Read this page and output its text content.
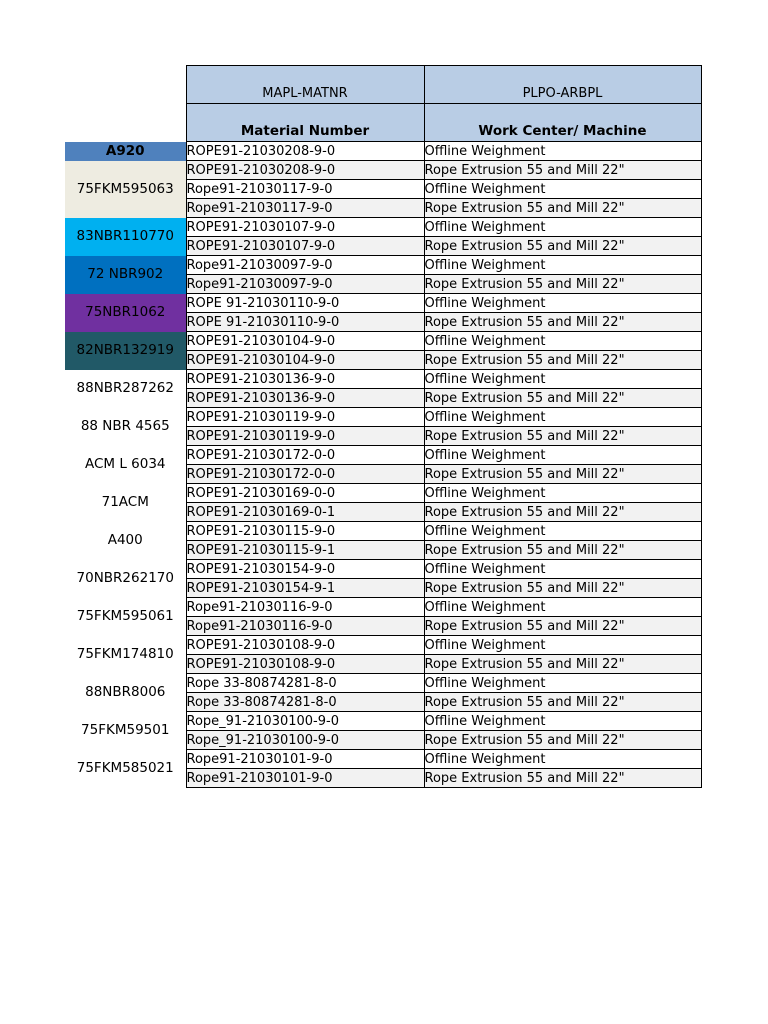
	MAPL-MATNR	PLPO-ARBPL
	Material Number	Work Center/ Machine
A920	ROPE91-21030208-9-0	Offline Weighment
75FKM595063	ROPE91-21030208-9-0	Rope Extrusion 55 and Mill 22"
	Rope91-21030117-9-0	Offline Weighment
	Rope91-21030117-9-0	Rope Extrusion 55 and Mill 22"
83NBR110770	ROPE91-21030107-9-0	Offline Weighment
	ROPE91-21030107-9-0	Rope Extrusion 55 and Mill 22"
72 NBR902	Rope91-21030097-9-0	Offline Weighment
	Rope91-21030097-9-0	Rope Extrusion 55 and Mill 22"
75NBR1062	ROPE 91-21030110-9-0	Offline Weighment
	ROPE 91-21030110-9-0	Rope Extrusion 55 and Mill 22"
82NBR132919	ROPE91-21030104-9-0	Offline Weighment
	ROPE91-21030104-9-0	Rope Extrusion 55 and Mill 22"
88NBR287262	ROPE91-21030136-9-0	Offline Weighment
	ROPE91-21030136-9-0	Rope Extrusion 55 and Mill 22"
88 NBR 4565	ROPE91-21030119-9-0	Offline Weighment
	ROPE91-21030119-9-0	Rope Extrusion 55 and Mill 22"
ACM L 6034	ROPE91-21030172-0-0	Offline Weighment
	ROPE91-21030172-0-0	Rope Extrusion 55 and Mill 22"
71ACM	ROPE91-21030169-0-0	Offline Weighment
	ROPE91-21030169-0-1	Rope Extrusion 55 and Mill 22"
A400	ROPE91-21030115-9-0	Offline Weighment
	ROPE91-21030115-9-1	Rope Extrusion 55 and Mill 22"
70NBR262170	ROPE91-21030154-9-0	Offline Weighment
	ROPE91-21030154-9-1	Rope Extrusion 55 and Mill 22"
75FKM595061	Rope91-21030116-9-0	Offline Weighment
	Rope91-21030116-9-0	Rope Extrusion 55 and Mill 22"
75FKM174810	ROPE91-21030108-9-0	Offline Weighment
	ROPE91-21030108-9-0	Rope Extrusion 55 and Mill 22"
88NBR8006	Rope 33-80874281-8-0	Offline Weighment
	Rope 33-80874281-8-0	Rope Extrusion 55 and Mill 22"
75FKM59501	Rope_91-21030100-9-0	Offline Weighment
	Rope_91-21030100-9-0	Rope Extrusion 55 and Mill 22"
75FKM585021	Rope91-21030101-9-0	Offline Weighment
	Rope91-21030101-9-0	Rope Extrusion 55 and Mill 22"
